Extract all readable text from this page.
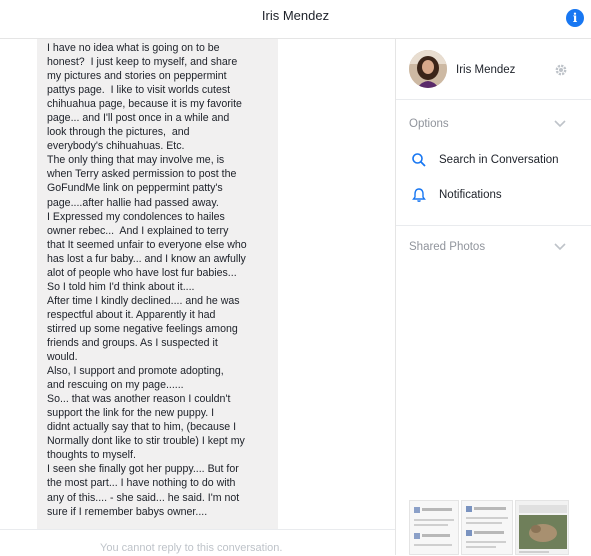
Iris Mendez	i
I have no idea what is going on to be
honest?  I just keep to myself, and share
my pictures and stories on peppermint
pattys page.  I like to visit worlds cutest
chihuahua page, because it is my favorite
page... and I'll post once in a while and
look through the pictures,  and
everybody's chihuahuas. Etc.
The only thing that may involve me, is
when Terry asked permission to post the
GoFundMe link on peppermint patty's
page....after hallie had passed away.
I Expressed my condolences to hailes
owner rebec...  And I explained to terry
that It seemed unfair to everyone else who
has lost a fur baby... and I know an awfully
alot of people who have lost fur babies...
So I told him I'd think about it....
After time I kindly declined.... and he was
respectful about it. Apparently it had
stirred up some negative feelings among
friends and groups. As I suspected it
would.
Also, I support and promote adopting,
and rescuing on my page......
So... that was another reason I couldn't
support the link for the new puppy. I
didnt actually say that to him, (because I
Normally dont like to stir trouble) I kept my
thoughts to myself.
I seen she finally got her puppy.... But for
the most part... I have nothing to do with
any of this.... - she said... he said. I'm not
sure if I remember babys owner....
You cannot reply to this conversation.
Iris Mendez
Options
Search in Conversation
Notifications
Shared Photos
